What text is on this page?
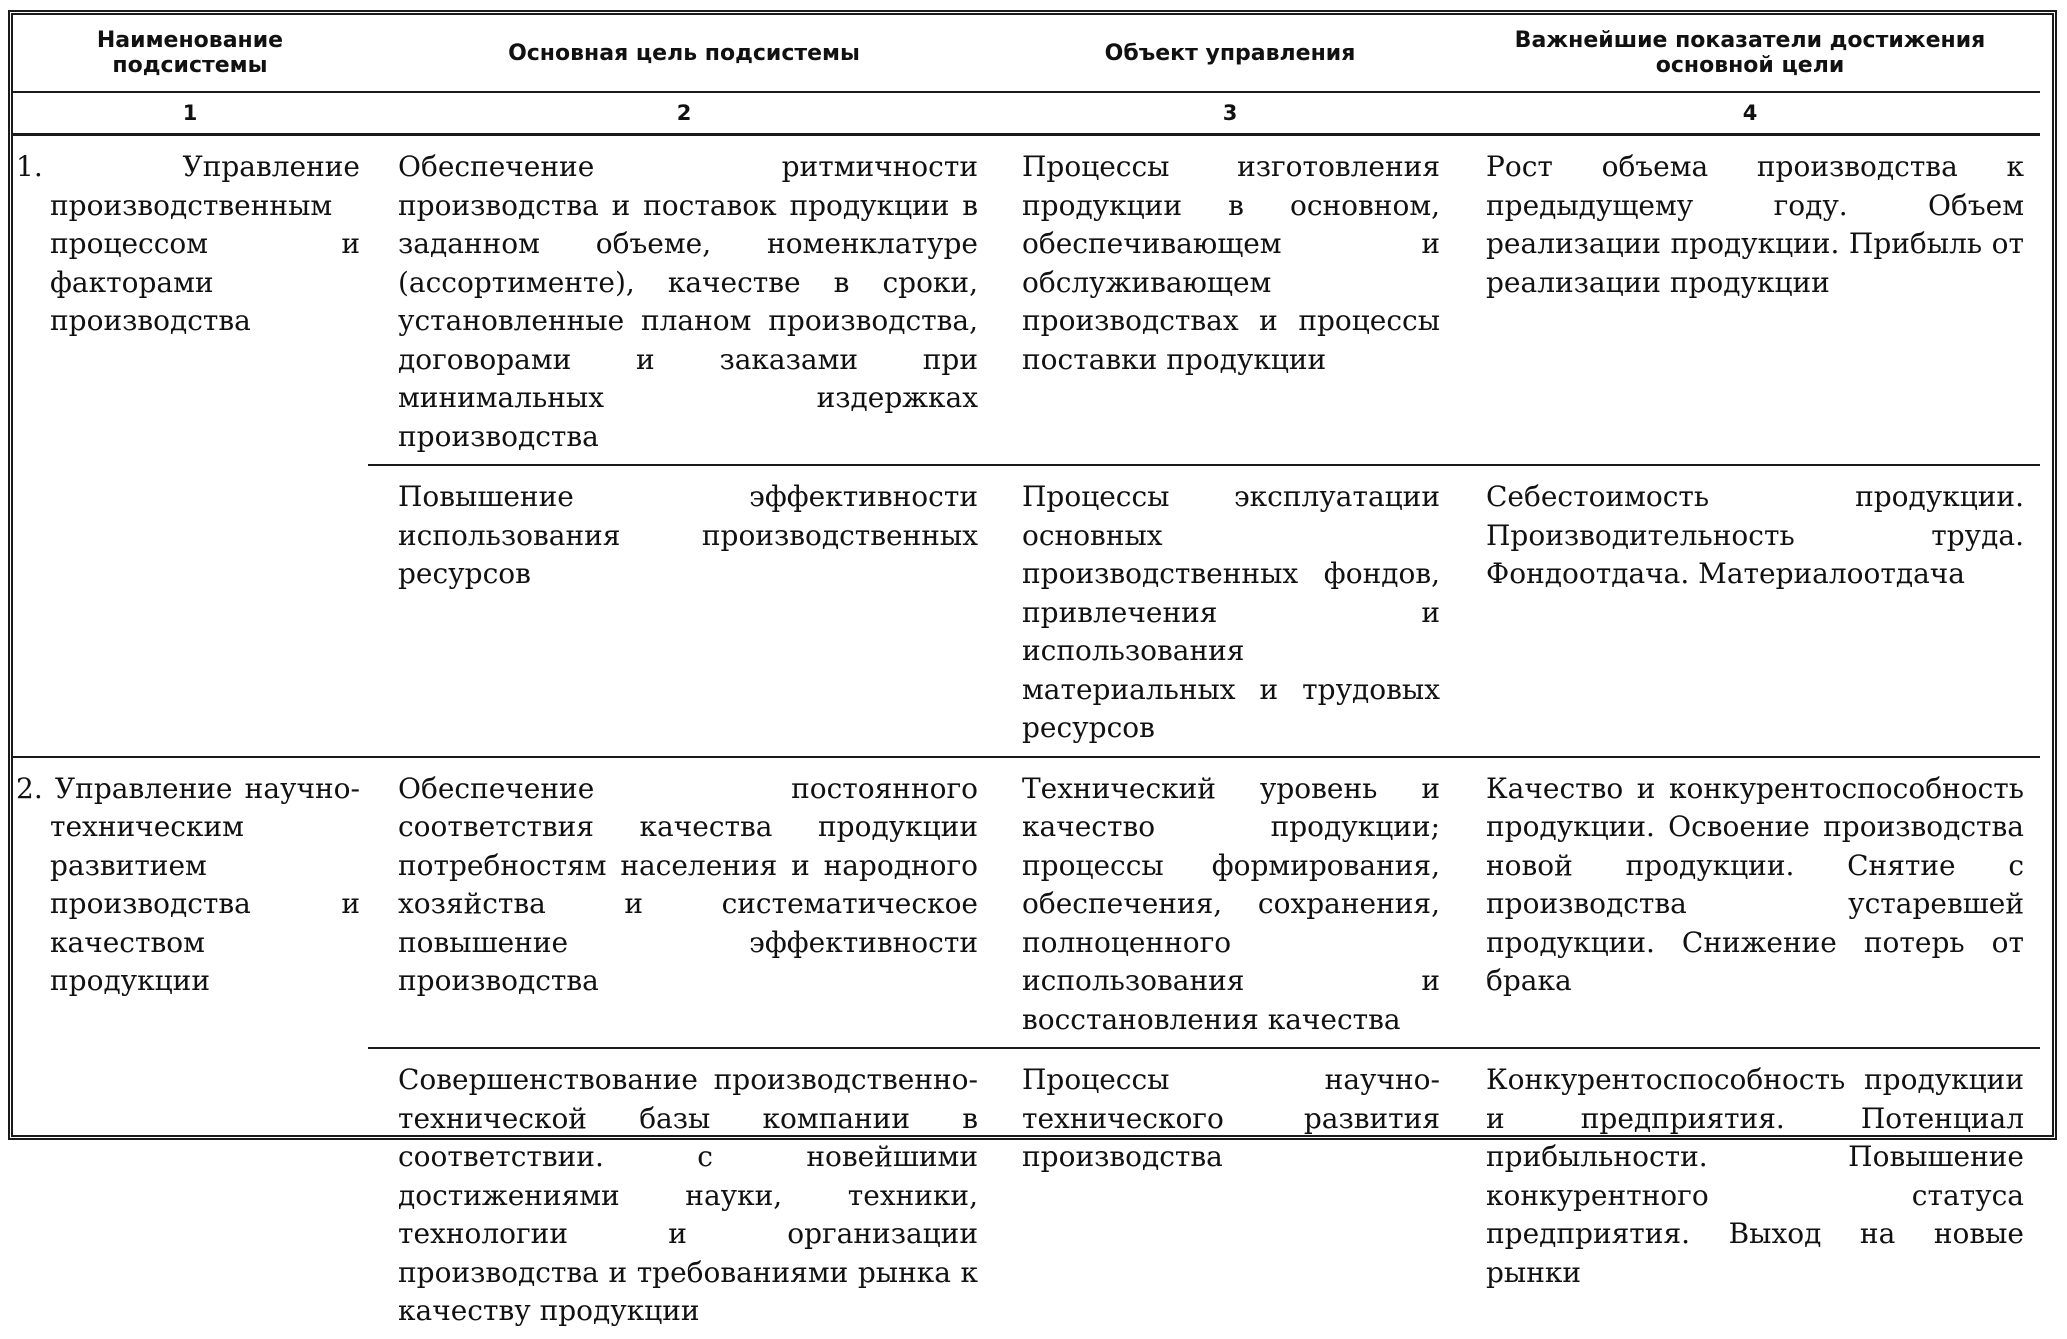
Наименование подсистемы	Основная цель подсистемы	Объект управления	Важнейшие показатели достижения основной цели
1	2	3	4
1. Управление производственным процессом и факторами производства	Обеспечение ритмичности производства и поставок продукции в заданном объеме, номенклатуре (ассортименте), качестве в сроки, установленные планом производства, договорами и заказами при минимальных издержках производства	Процессы изготовления продукции в основном, обеспечивающем и обслуживающем производствах и процессы поставки продукции	Рост объема производства к предыдущему году. Объем реализации продукции. Прибыль от реализации продукции
	Повышение эффективности использования производственных ресурсов	Процессы эксплуатации основных производственных фондов, привлечения и использования материальных и трудовых ресурсов	Себестоимость продукции. Производительность труда. Фондоотдача. Материалоотдача
2. Управление научно-техническим развитием производства и качеством продукции	Обеспечение постоянного соответствия качества продукции потребностям населения и народного хозяйства и систематическое повышение эффективности производства	Технический уровень и качество продукции; процессы формирования, обеспечения, сохранения, полноценного использования и восстановления качества	Качество и конкурентоспособность продукции. Освоение производства новой продукции. Снятие с производства устаревшей продукции. Снижение потерь от брака
	Совершенствование производственно-технической базы компании в соответствии. с новейшими достижениями науки, техники, технологии и организации производства и требованиями рынка к качеству продукции	Процессы научно-технического развития производства	Конкурентоспособность продукции и предприятия. Потенциал прибыльности. Повышение конкурентного статуса предприятия. Выход на новые рынки
